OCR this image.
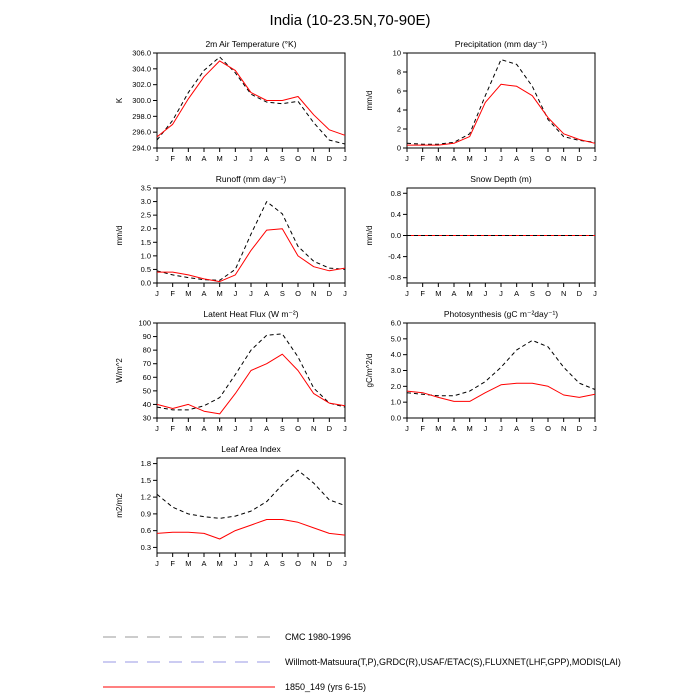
India (10-23.5N,70-90E)
2m Air Temperature (°K)
294.0
296.0
298.0
300.0
302.0
304.0
306.0
J F M A M J J A S O N D J
K
Precipitation (mm day⁻¹)
0
2
4
6
8
10
J F M A M J J A S O N D J
mm/d
Runoff (mm day⁻¹)
0.0
0.5
1.0
1.5
2.0
2.5
3.0
3.5
J F M A M J J A S O N D J
mm/d
Snow Depth (m)
-0.8
-0.4
0.0
0.4
0.8
J F M A M J J A S O N D J
mm/d
Latent Heat Flux (W m⁻²)
30
40
50
60
70
80
90
100
J F M A M J J A S O N D J
W/m^2
Photosynthesis (gC m⁻²day⁻¹)
0.0
1.0
2.0
3.0
4.0
5.0
6.0
J F M A M J J A S O N D J
gC/m^2/d
Leaf Area Index
0.3
0.6
0.9
1.2
1.5
1.8
J F M A M J J A S O N D J
m2/m2
CMC 1980-1996
Willmott-Matsuura(T,P),GRDC(R),USAF/ETAC(S),FLUXNET(LHF,GPP),MODIS(LAI)
1850_149 (yrs 6-15)
